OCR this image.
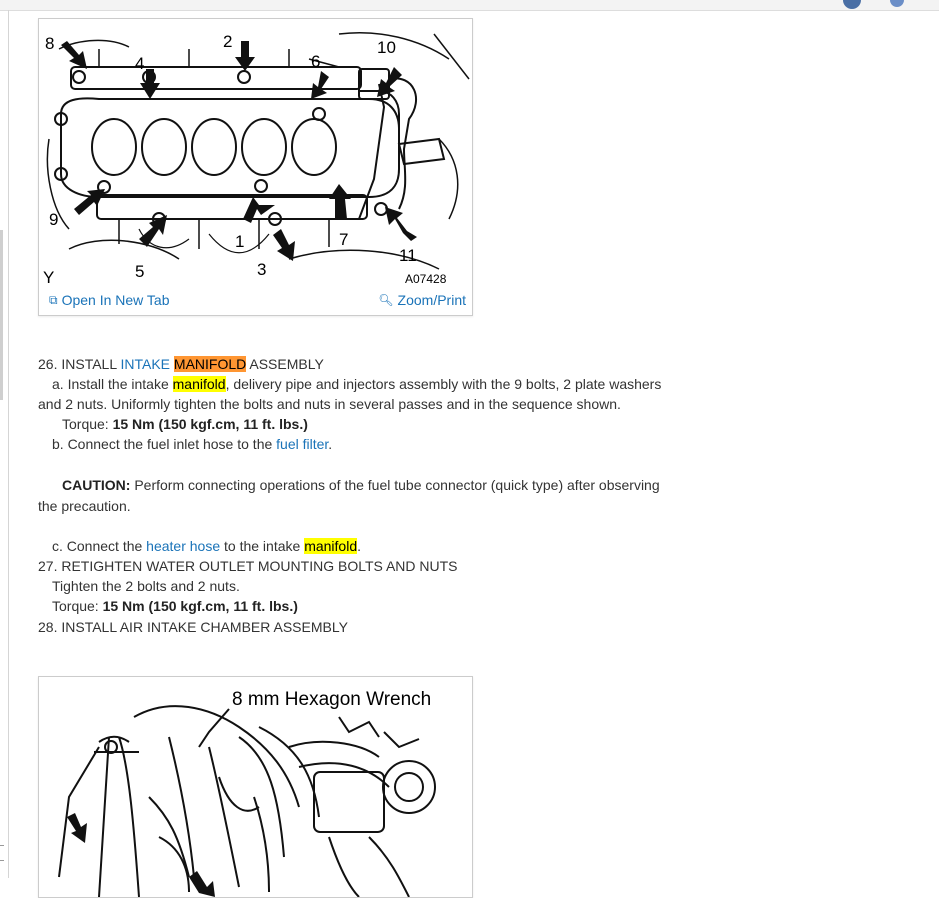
8	2
4	6
10
9
1	7
5	3
11
Y	A07428
⧉ Open In New Tab	🔍︎ Zoom/Print
26. INSTALL INTAKE MANIFOLD ASSEMBLY
a. Install the intake manifold, delivery pipe and injectors assembly with the 9 bolts, 2 plate washers
and 2 nuts. Uniformly tighten the bolts and nuts in several passes and in the sequence shown.
Torque: 15 Nm (150 kgf.cm, 11 ft. lbs.)
b. Connect the fuel inlet hose to the fuel filter.
CAUTION: Perform connecting operations of the fuel tube connector (quick type) after observing
the precaution.
c. Connect the heater hose to the intake manifold.
27. RETIGHTEN WATER OUTLET MOUNTING BOLTS AND NUTS
Tighten the 2 bolts and 2 nuts.
Torque: 15 Nm (150 kgf.cm, 11 ft. lbs.)
28. INSTALL AIR INTAKE CHAMBER ASSEMBLY
8 mm Hexagon Wrench
